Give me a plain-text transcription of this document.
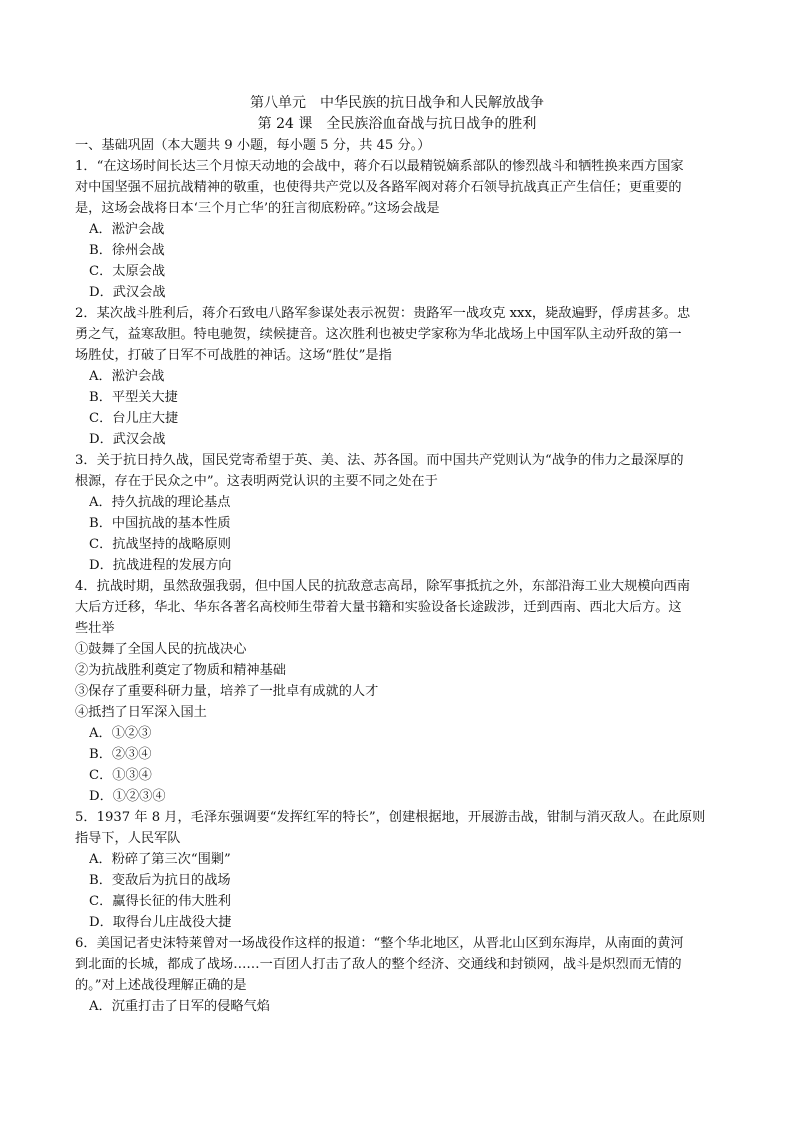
第八单元　中华民族的抗日战争和人民解放战争
第 24 课　全民族浴血奋战与抗日战争的胜利
一、基础巩固（本大题共 9 小题，每小题 5 分，共 45 分。）
1．“在这场时间长达三个月惊天动地的会战中，蒋介石以最精锐嫡系部队的惨烈战斗和牺牲换来西方国家
对中国坚强不屈抗战精神的敬重，也使得共产党以及各路军阀对蒋介石领导抗战真正产生信任；更重要的
是，这场会战将日本‘三个月亡华’的狂言彻底粉碎。”这场会战是
A．淞沪会战
B．徐州会战
C．太原会战
D．武汉会战
2．某次战斗胜利后，蒋介石致电八路军参谋处表示祝贺：贵路军一战攻克 xxx，毙敌遍野，俘虏甚多。忠
勇之气，益寒敌胆。特电驰贺，续候捷音。这次胜利也被史学家称为华北战场上中国军队主动歼敌的第一
场胜仗，打破了日军不可战胜的神话。这场“胜仗”是指
A．淞沪会战
B．平型关大捷
C．台儿庄大捷
D．武汉会战
3．关于抗日持久战，国民党寄希望于英、美、法、苏各国。而中国共产党则认为“战争的伟力之最深厚的
根源，存在于民众之中”。这表明两党认识的主要不同之处在于
A．持久抗战的理论基点
B．中国抗战的基本性质
C．抗战坚持的战略原则
D．抗战进程的发展方向
4．抗战时期，虽然敌强我弱，但中国人民的抗敌意志高昂，除军事抵抗之外，东部沿海工业大规模向西南
大后方迁移，华北、华东各著名高校师生带着大量书籍和实验设备长途跋涉，迁到西南、西北大后方。这
些壮举
①鼓舞了全国人民的抗战决心
②为抗战胜利奠定了物质和精神基础
③保存了重要科研力量，培养了一批卓有成就的人才
④抵挡了日军深入国土
A．①②③
B．②③④
C．①③④
D．①②③④
5．1937 年 8 月，毛泽东强调要“发挥红军的特长”，创建根据地，开展游击战，钳制与消灭敌人。在此原则
指导下，人民军队
A．粉碎了第三次“围剿”
B．变敌后为抗日的战场
C．赢得长征的伟大胜利
D．取得台儿庄战役大捷
6．美国记者史沫特莱曾对一场战役作这样的报道：“整个华北地区，从晋北山区到东海岸，从南面的黄河
到北面的长城，都成了战场……一百团人打击了敌人的整个经济、交通线和封锁网，战斗是炽烈而无情的
的。”对上述战役理解正确的是
A．沉重打击了日军的侵略气焰
